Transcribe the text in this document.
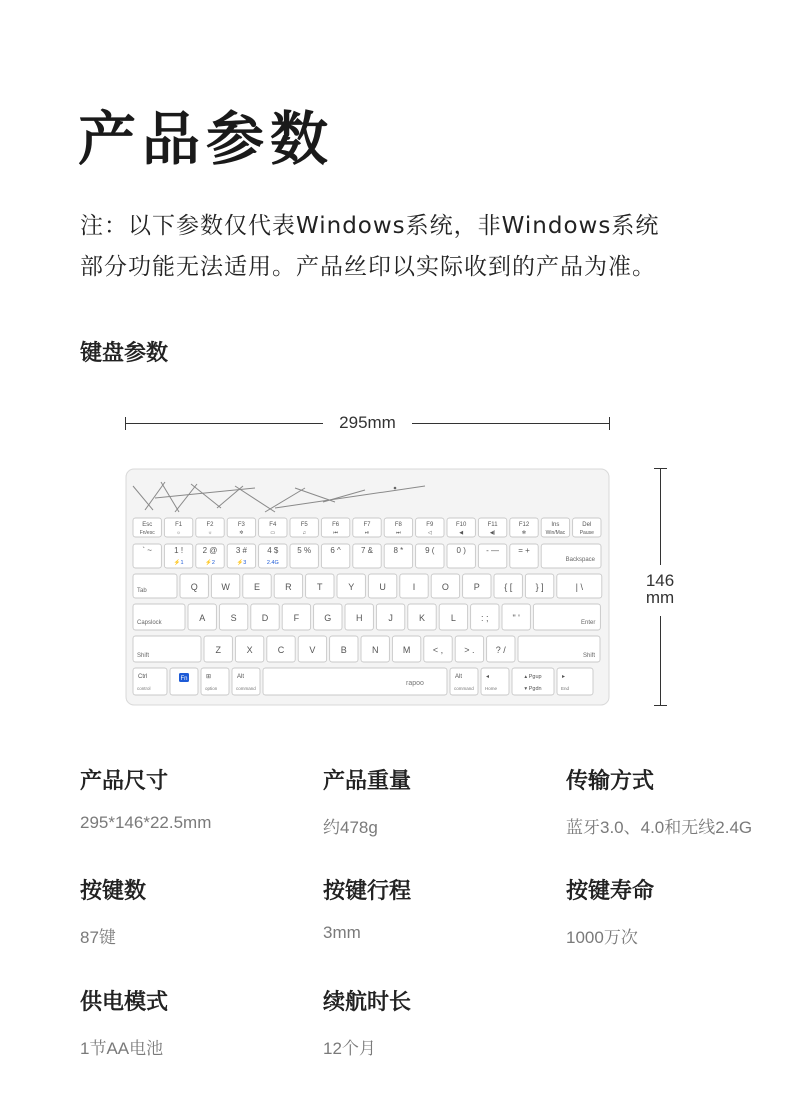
产品参数
注：以下参数仅代表Windows系统，非Windows系统
部分功能无法适用。产品丝印以实际收到的产品为准。
键盘参数
295mm
146
mm
Esc
Fn/esc
F1
☼
F2
☼
F3
✲
F4
▭
F5
♫
F6
⏮
F7
⏯
F8
⏭
F9
◁
F10
◀
F11
◀)
F12
✻
Ins
Win/Mac
Del
Pause
` ~	1 !
⚡1
2 @
⚡2
3 #
⚡3
4 $
2.4G
5 % 6 ^	7 &	8 *	9 (	0 )	- — = +
Backspace
Tab	Q	W	E	R	T	Y	U	I	O	P	{ [	} ]	| \
Capslock	A	S	D	F	G	H	J	K	L	: ;	" '	Enter
Shift
Z	X	C	V	B	N	M	< , > . ? /
Shift
Ctrl
control
Fn	⊞
option
Alt
command
rapoo
Alt
command
◂
Home
▴ Pgup
▾ Pgdn
▸
End
产品尺寸
295*146*22.5mm
产品重量
约478g
传输方式
蓝牙3.0、4.0和无线2.4G
按键数
87键
按键行程
3mm
按键寿命
1000万次
供电模式
1节AA电池
续航时长
12个月
